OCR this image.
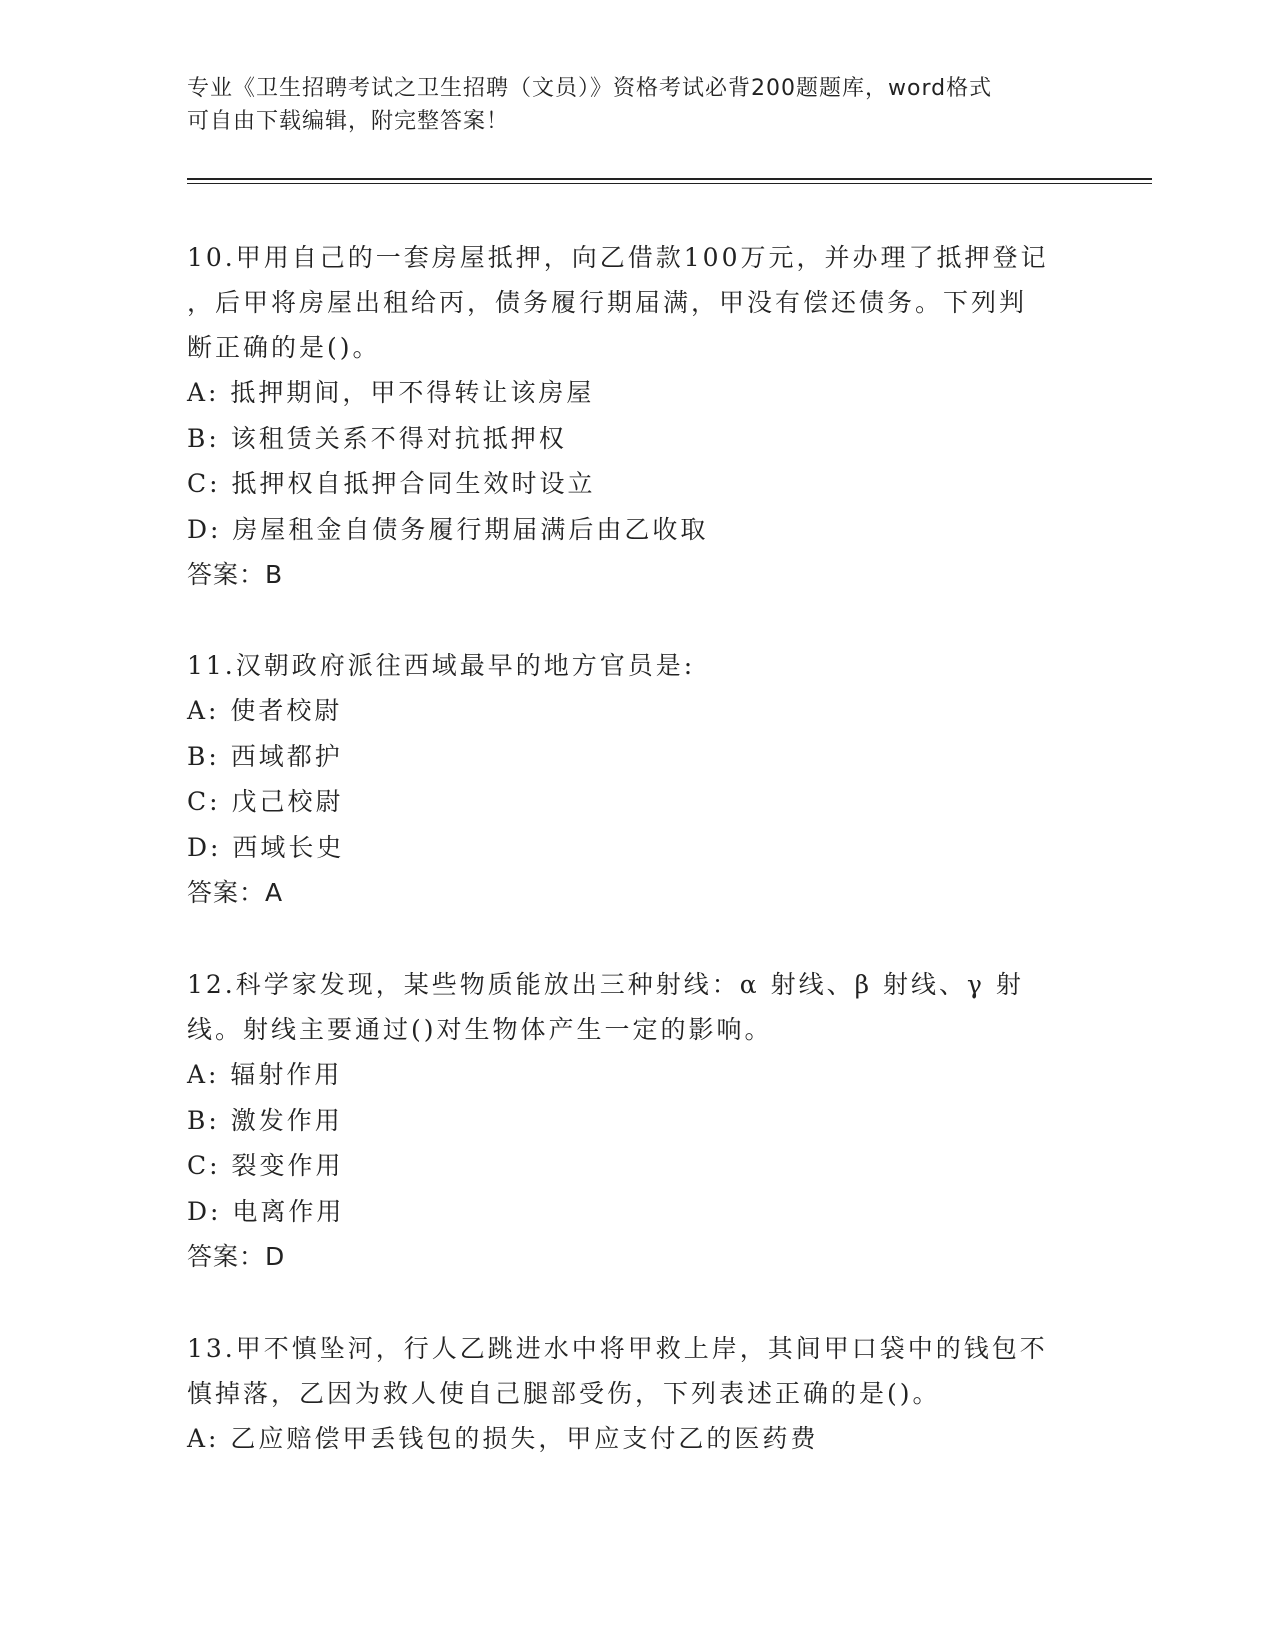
专业《卫生招聘考试之卫生招聘（文员）》资格考试必背200题题库，word格式
可自由下载编辑，附完整答案！

10.甲用自己的一套房屋抵押，向乙借款100万元，并办理了抵押登记

，后甲将房屋出租给丙，债务履行期届满，甲没有偿还债务。下列判

断正确的是()。

A: 抵押期间，甲不得转让该房屋

B: 该租赁关系不得对抗抵押权

C: 抵押权自抵押合同生效时设立

D: 房屋租金自债务履行期届满后由乙收取

答案：B

11.汉朝政府派往西域最早的地方官员是:

A: 使者校尉

B: 西域都护

C: 戊己校尉

D: 西域长史

答案：A

12.科学家发现，某些物质能放出三种射线：α 射线、β 射线、γ 射

线。射线主要通过()对生物体产生一定的影响。

A: 辐射作用

B: 激发作用

C: 裂变作用

D: 电离作用

答案：D

13.甲不慎坠河，行人乙跳进水中将甲救上岸，其间甲口袋中的钱包不

慎掉落，乙因为救人使自己腿部受伤，下列表述正确的是()。

A: 乙应赔偿甲丢钱包的损失，甲应支付乙的医药费
